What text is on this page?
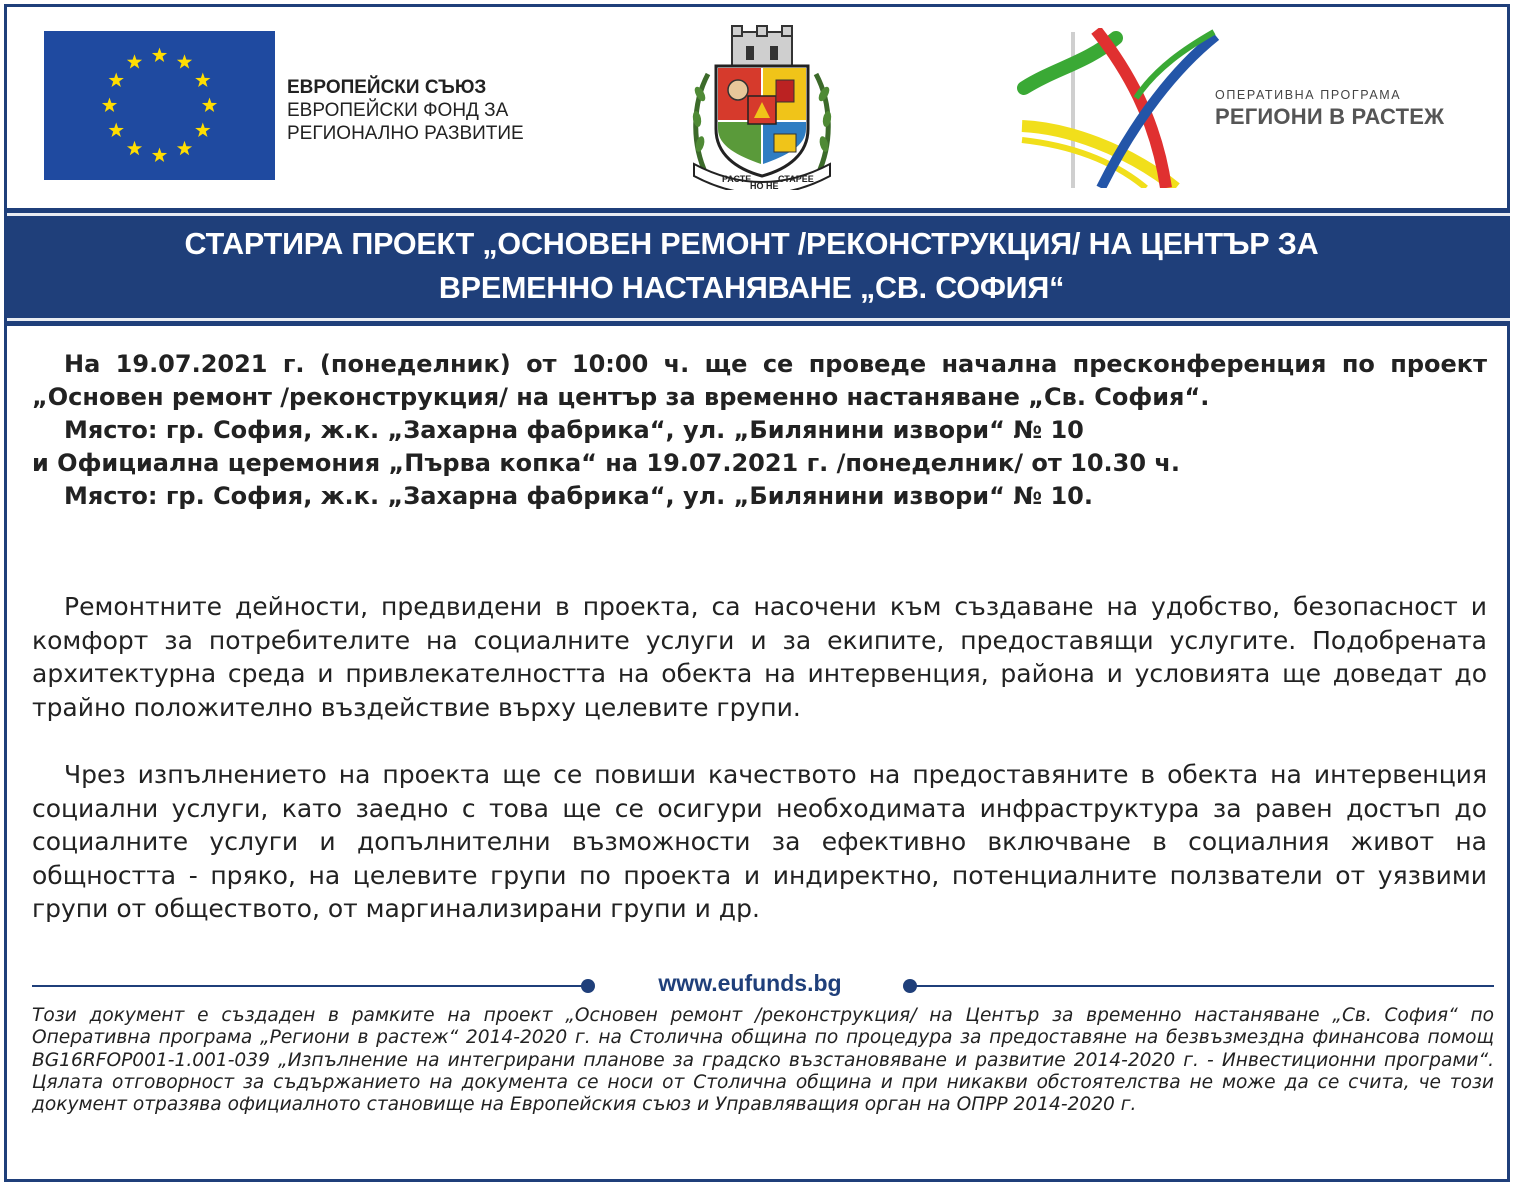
ЕВРОПЕЙСКИ СЪЮЗ
ЕВРОПЕЙСКИ ФОНД ЗА
РЕГИОНАЛНО РАЗВИТИЕ
РАСТЕ
НО НЕ
СТАРЕЕ
ОПЕРАТИВНА ПРОГРАМА
РЕГИОНИ В РАСТЕЖ
СТАРТИРА ПРОЕКТ „ОСНОВЕН РЕМОНТ /РЕКОНСТРУКЦИЯ/ НА ЦЕНТЪР ЗА
ВРЕМЕННО НАСТАНЯВАНЕ „СВ. СОФИЯ“

На 19.07.2021 г. (понеделник) от 10:00 ч. ще се проведе начална пресконференция по проект „Основен ремонт /реконструкция/ на център за временно настаняване „Св. София“.

Място: гр. София, ж.к. „Захарна фабрика“, ул. „Билянини извори“ № 10

и Официална церемония „Първа копка“ на 19.07.2021 г. /понеделник/ от 10.30 ч.

Място: гр. София, ж.к. „Захарна фабрика“, ул. „Билянини извори“ № 10.

Ремонтните дейности, предвидени в проекта, са насочени към създаване на удобство, безопасност и комфорт за потребителите на социалните услуги и за екипите, предоставящи услугите. Подобрената архитектурна среда и привлекателността на обекта на интервенция, района и условията ще доведат до трайно положително въздействие върху целевите групи.

Чрез изпълнението на проекта ще се повиши качеството на предоставяните в обекта на интервенция социални услуги, като заедно с това ще се осигури необходимата инфраструктура за равен достъп до социалните услуги и допълнителни възможности за ефективно включване в социалния живот на общността - пряко, на целевите групи по проекта и индиректно, потенциалните ползватели от уязвими групи от обществото, от маргинализирани групи и др.

www.eufunds.bg

Този документ е създаден в рамките на проект „Основен ремонт /реконструкция/ на Център за временно настаняване „Св. София“ по Оперативна програма „Региони в растеж“ 2014-2020 г. на Столична община по процедура за предоставяне на безвъзмездна финансова помощ BG16RFOP001-1.001-039 „Изпълнение на интегрирани планове за градско възстановяване и развитие 2014-2020 г. - Инвестиционни програми“. Цялата отговорност за съдържанието на документа се носи от Столична община и при никакви обстоятелства не може да се счита, че този документ отразява официалното становище на Европейския съюз и Управляващия орган на ОПРР 2014-2020 г.
